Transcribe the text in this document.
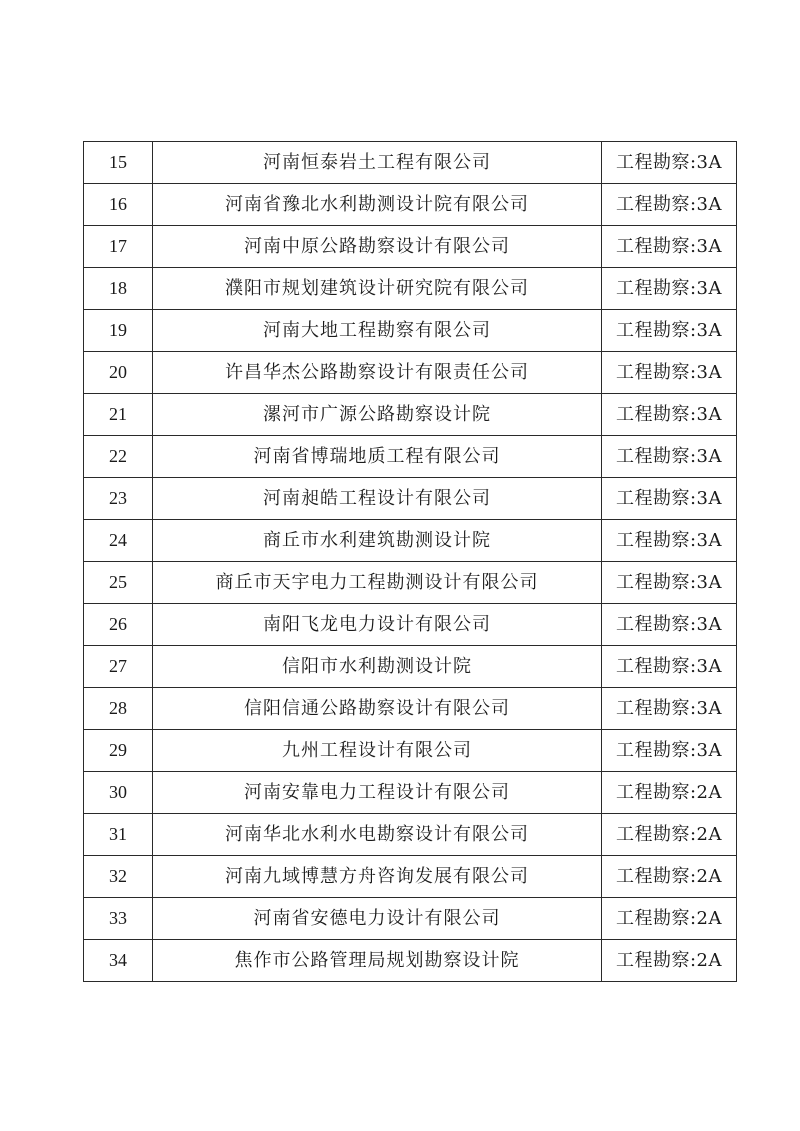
15	河南恒泰岩土工程有限公司	工程勘察:3A
16	河南省豫北水利勘测设计院有限公司	工程勘察:3A
17	河南中原公路勘察设计有限公司	工程勘察:3A
18	濮阳市规划建筑设计研究院有限公司	工程勘察:3A
19	河南大地工程勘察有限公司	工程勘察:3A
20	许昌华杰公路勘察设计有限责任公司	工程勘察:3A
21	漯河市广源公路勘察设计院	工程勘察:3A
22	河南省博瑞地质工程有限公司	工程勘察:3A
23	河南昶皓工程设计有限公司	工程勘察:3A
24	商丘市水利建筑勘测设计院	工程勘察:3A
25	商丘市天宇电力工程勘测设计有限公司	工程勘察:3A
26	南阳飞龙电力设计有限公司	工程勘察:3A
27	信阳市水利勘测设计院	工程勘察:3A
28	信阳信通公路勘察设计有限公司	工程勘察:3A
29	九州工程设计有限公司	工程勘察:3A
30	河南安靠电力工程设计有限公司	工程勘察:2A
31	河南华北水利水电勘察设计有限公司	工程勘察:2A
32	河南九域博慧方舟咨询发展有限公司	工程勘察:2A
33	河南省安德电力设计有限公司	工程勘察:2A
34	焦作市公路管理局规划勘察设计院	工程勘察:2A
